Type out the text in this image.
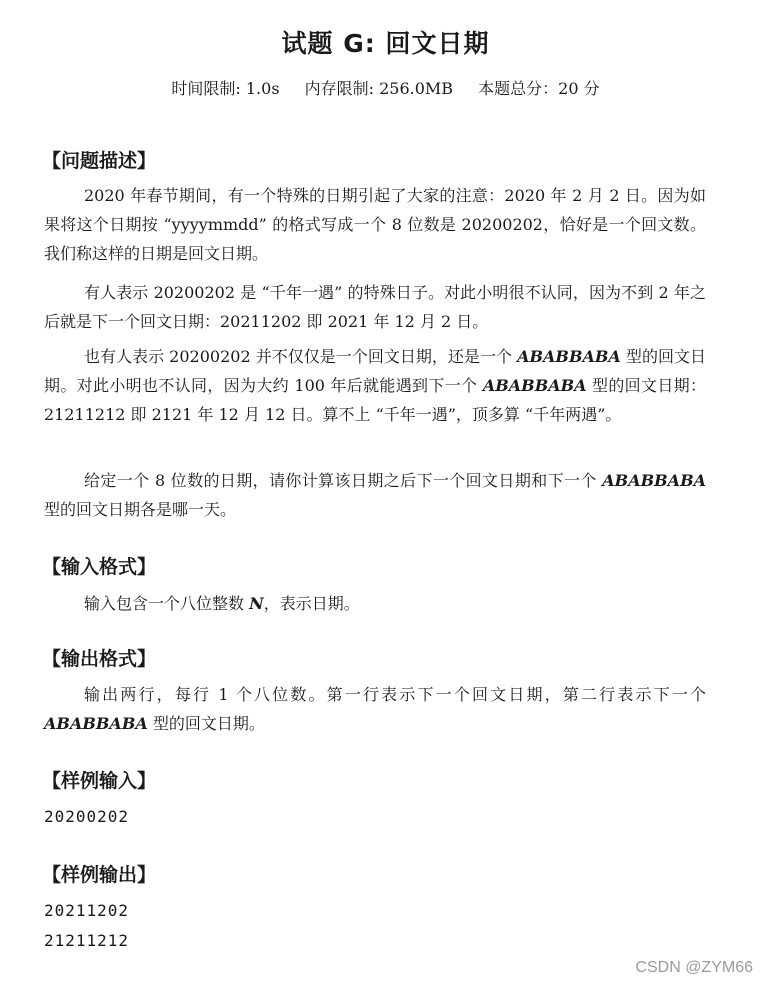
试题 G: 回文日期
时间限制: 1.0s 内存限制: 256.0MB 本题总分：20 分
【问题描述】
2020 年春节期间，有一个特殊的日期引起了大家的注意：2020 年 2 月 2 日。因为如果将这个日期按 “yyyymmdd” 的格式写成一个 8 位数是 20200202，恰好是一个回文数。我们称这样的日期是回文日期。
有人表示 20200202 是 “千年一遇” 的特殊日子。对此小明很不认同，因为不到 2 年之后就是下一个回文日期：20211202 即 2021 年 12 月 2 日。
也有人表示 20200202 并不仅仅是一个回文日期，还是一个 ABABBABA 型的回文日期。对此小明也不认同，因为大约 100 年后就能遇到下一个 ABABBABA 型的回文日期：21211212 即 2121 年 12 月 12 日。算不上 “千年一遇”，顶多算 “千年两遇”。
给定一个 8 位数的日期，请你计算该日期之后下一个回文日期和下一个 ABABBABA 型的回文日期各是哪一天。
【输入格式】
输入包含一个八位整数 N，表示日期。
【输出格式】
输出两行，每行 1 个八位数。第一行表示下一个回文日期，第二行表示下一个 ABABBABA 型的回文日期。
【样例输入】
20200202
【样例输出】
20211202
21211212
CSDN @ZYM66
